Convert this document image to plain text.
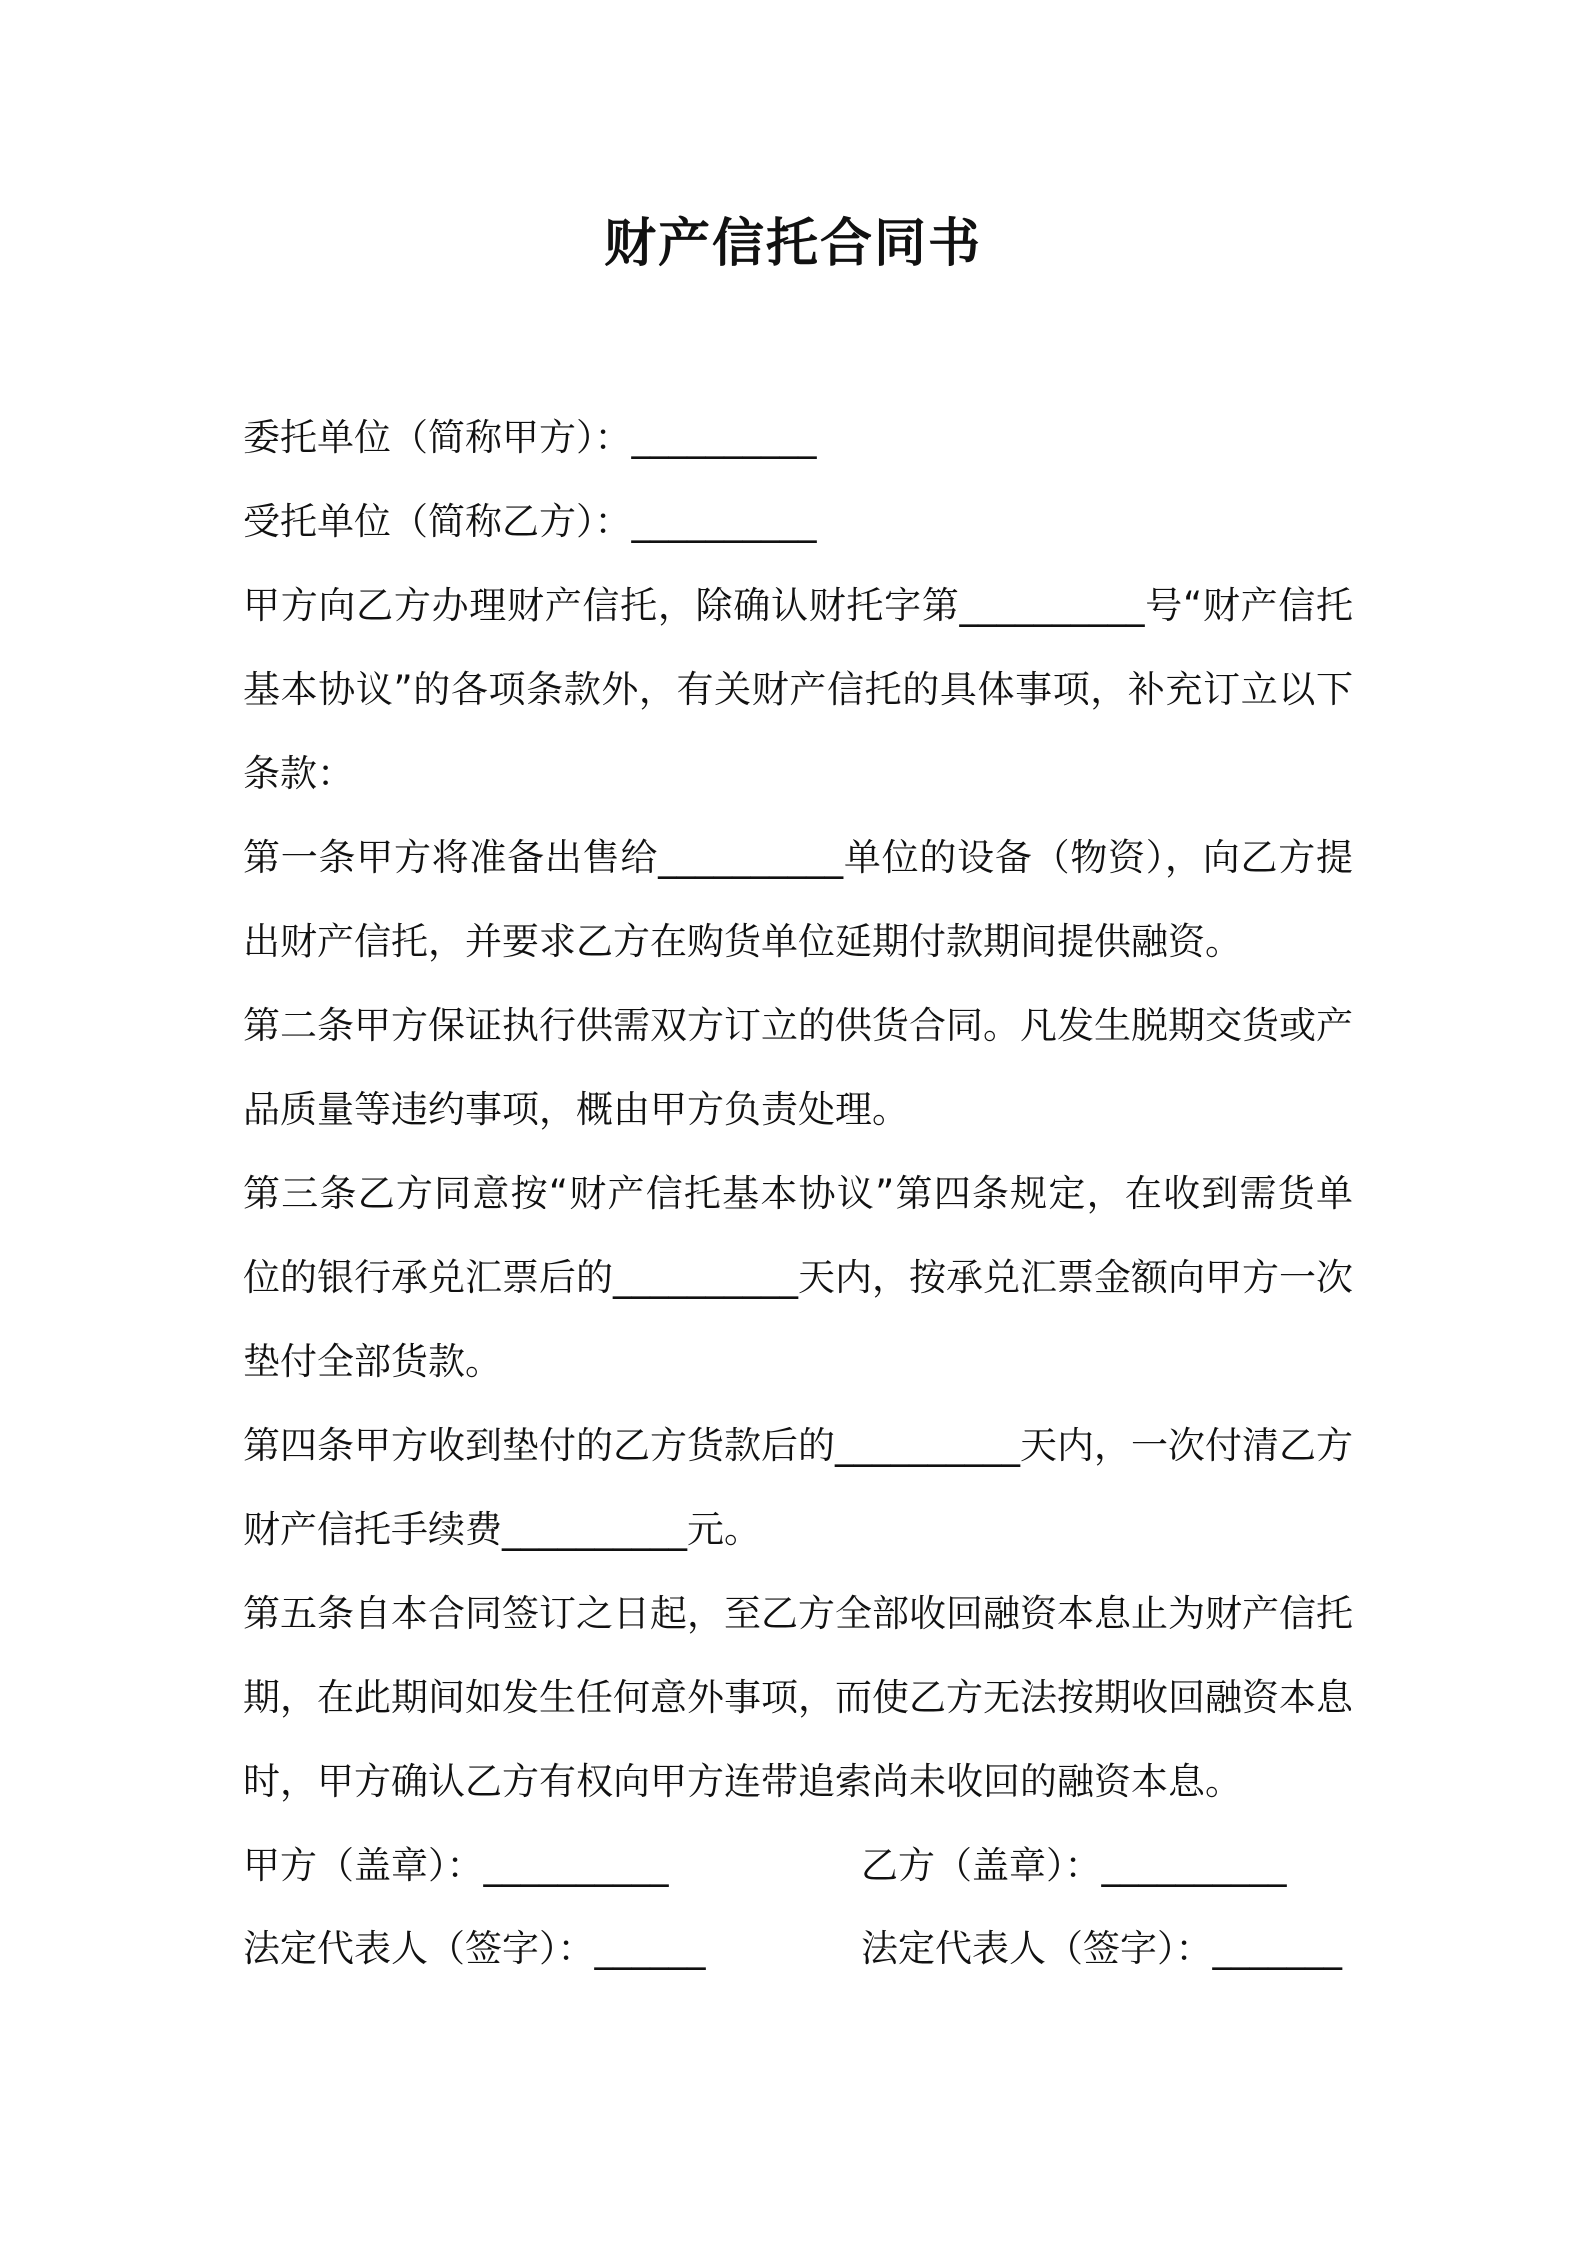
财产信托合同书
委托单位（简称甲方）：__________
受托单位（简称乙方）：__________
甲方向乙方办理财产信托，除确认财托字第__________号“财产信托
基本协议”的各项条款外，有关财产信托的具体事项，补充订立以下
条款：
第一条甲方将准备出售给__________单位的设备（物资），向乙方提
出财产信托，并要求乙方在购货单位延期付款期间提供融资。
第二条甲方保证执行供需双方订立的供货合同。凡发生脱期交货或产
品质量等违约事项，概由甲方负责处理。
第三条乙方同意按“财产信托基本协议”第四条规定，在收到需货单
位的银行承兑汇票后的__________天内，按承兑汇票金额向甲方一次
垫付全部货款。
第四条甲方收到垫付的乙方货款后的__________天内，一次付清乙方
财产信托手续费__________元。
第五条自本合同签订之日起，至乙方全部收回融资本息止为财产信托
期，在此期间如发生任何意外事项，而使乙方无法按期收回融资本息
时，甲方确认乙方有权向甲方连带追索尚未收回的融资本息。
甲方（盖章）：__________	乙方（盖章）：__________
法定代表人（签字）：______	法定代表人（签字）：_______
